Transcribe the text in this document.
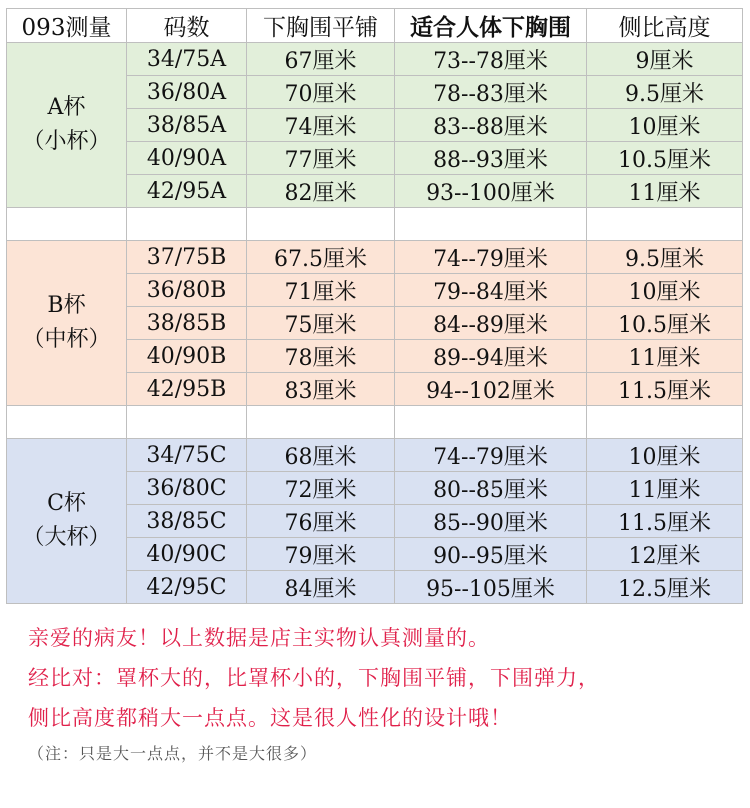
093测量	码数	下胸围平铺	适合人体下胸围	侧比高度

A杯
（小杯）	34/75A	67厘米	73--78厘米	9厘米
	36/80A	70厘米	78--83厘米	9.5厘米
	38/85A	74厘米	83--88厘米	10厘米
	40/90A	77厘米	88--93厘米	10.5厘米
	42/95A	82厘米	93--100厘米	11厘米

B杯
（中杯）	37/75B	67.5厘米	74--79厘米	9.5厘米
	36/80B	71厘米	79--84厘米	10厘米
	38/85B	75厘米	84--89厘米	10.5厘米
	40/90B	78厘米	89--94厘米	11厘米
	42/95B	83厘米	94--102厘米	11.5厘米

C杯
（大杯）	34/75C	68厘米	74--79厘米	10厘米
	36/80C	72厘米	80--85厘米	11厘米
	38/85C	76厘米	85--90厘米	11.5厘米
	40/90C	79厘米	90--95厘米	12厘米
	42/95C	84厘米	95--105厘米	12.5厘米

亲爱的病友！以上数据是店主实物认真测量的。

经比对：罩杯大的，比罩杯小的，下胸围平铺，下围弹力，

侧比高度都稍大一点点。这是很人性化的设计哦！

（注：只是大一点点，并不是大很多）
